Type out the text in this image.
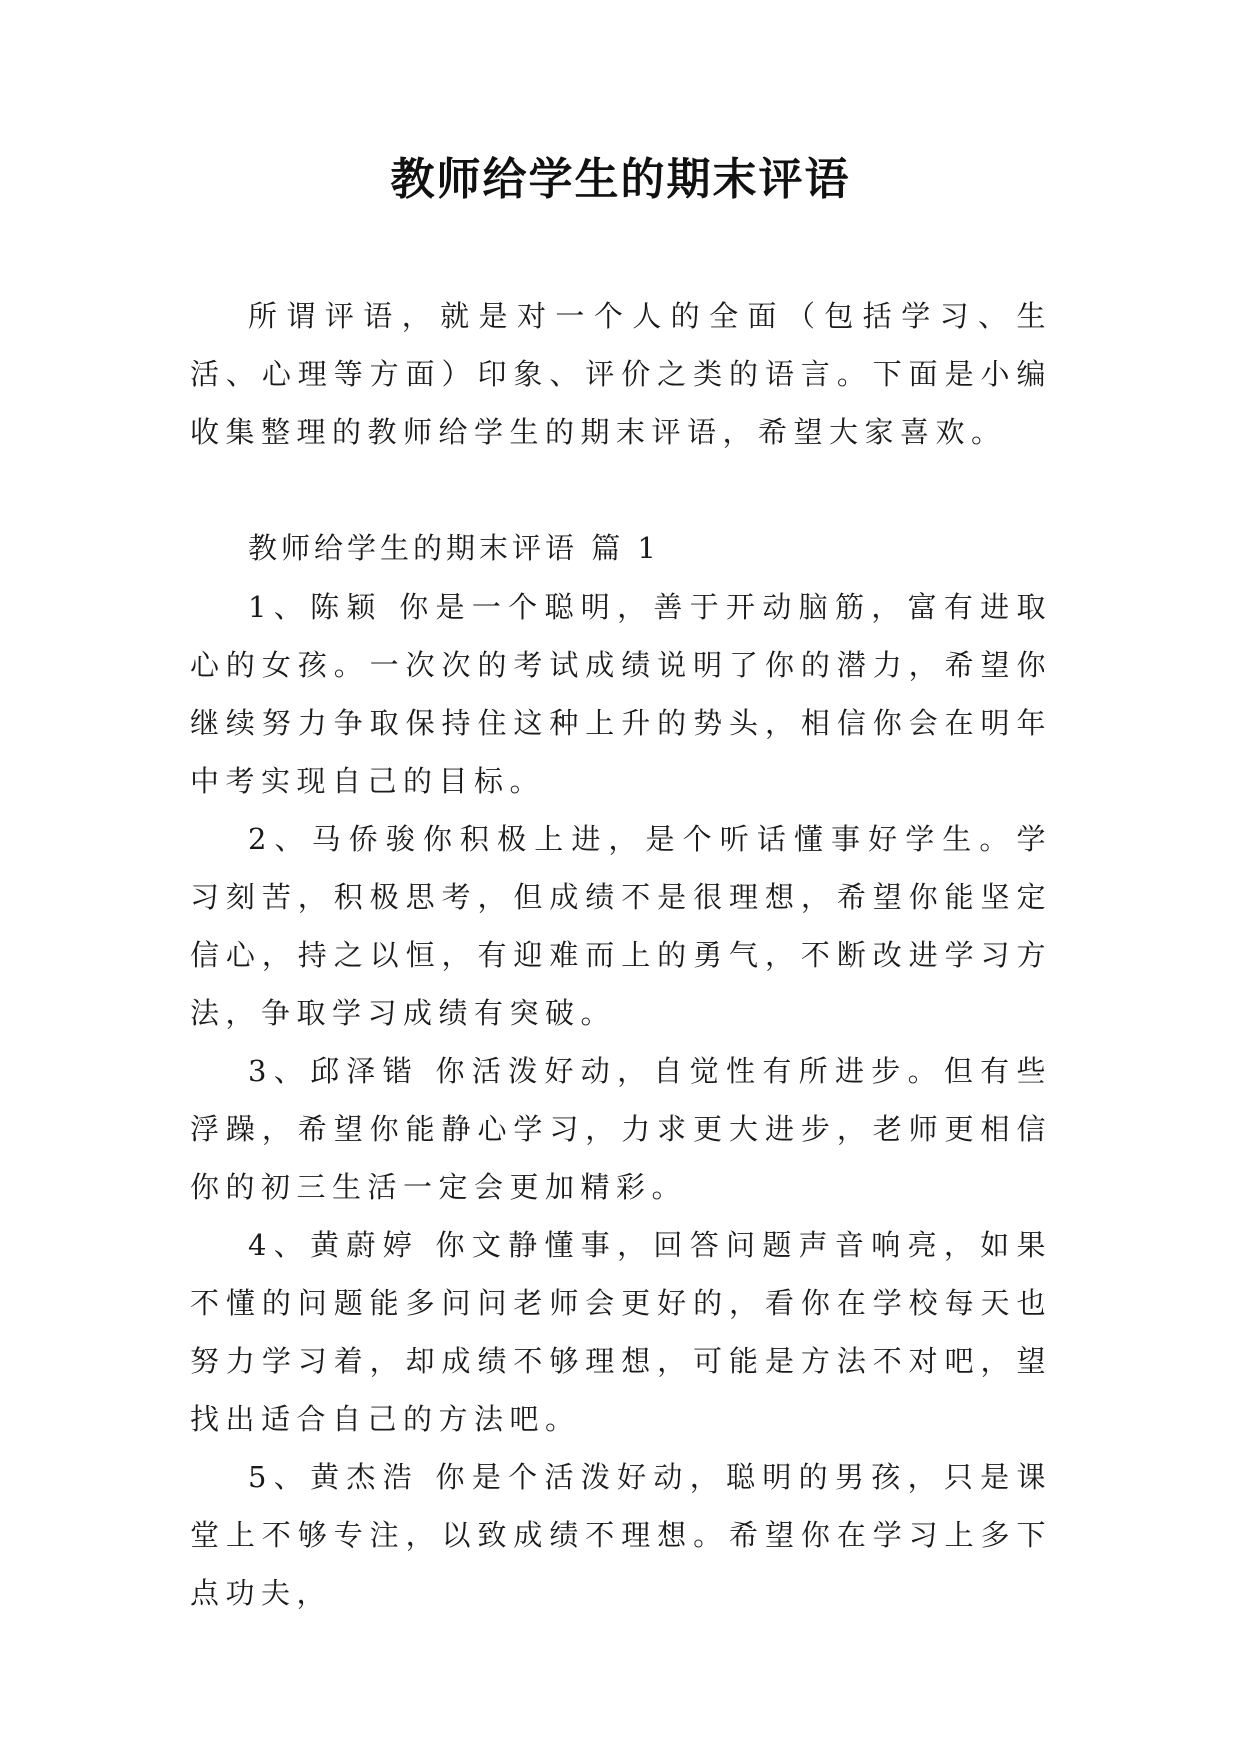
教师给学生的期末评语

所谓评语，就是对一个人的全面（包括学习、生活、心理等方面）印象、评价之类的语言。下面是小编收集整理的教师给学生的期末评语，希望大家喜欢。

教师给学生的期末评语 篇 1

1、陈颖 你是一个聪明，善于开动脑筋，富有进取心的女孩。一次次的考试成绩说明了你的潜力，希望你继续努力争取保持住这种上升的势头，相信你会在明年中考实现自己的目标。

2、马侨骏你积极上进，是个听话懂事好学生。学习刻苦，积极思考，但成绩不是很理想，希望你能坚定信心，持之以恒，有迎难而上的勇气，不断改进学习方法，争取学习成绩有突破。

3、邱泽锴 你活泼好动，自觉性有所进步。但有些浮躁，希望你能静心学习，力求更大进步，老师更相信你的初三生活一定会更加精彩。

4、黄蔚婷 你文静懂事，回答问题声音响亮，如果不懂的问题能多问问老师会更好的，看你在学校每天也努力学习着，却成绩不够理想，可能是方法不对吧，望找出适合自己的方法吧。

5、黄杰浩 你是个活泼好动，聪明的男孩，只是课堂上不够专注，以致成绩不理想。希望你在学习上多下点功夫，
